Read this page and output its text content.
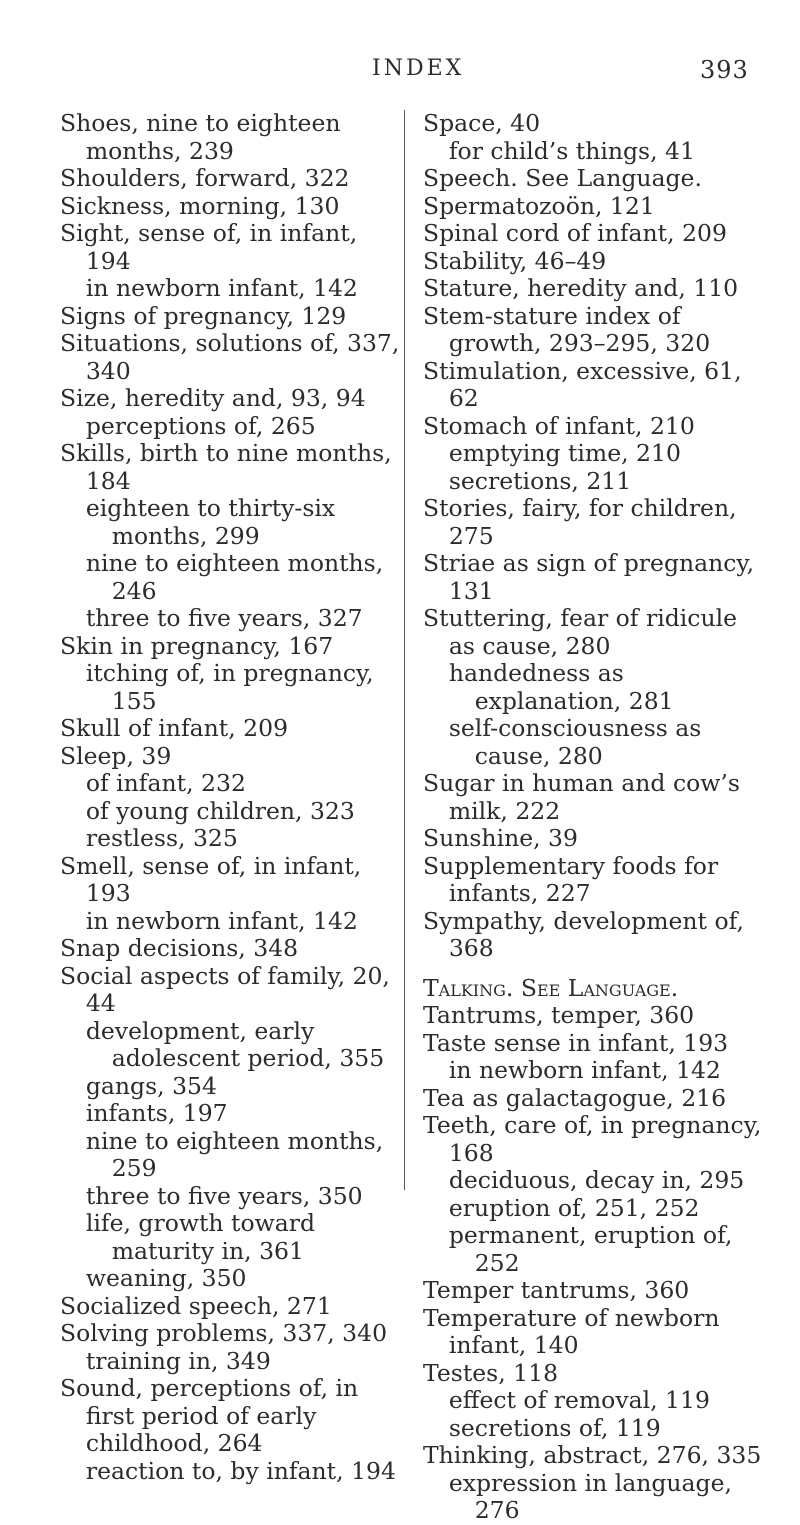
INDEX	393

Shoes, nine to eighteen months, 239

Shoulders, forward, 322

Sickness, morning, 130

Sight, sense of, in infant, 194

in newborn infant, 142

Signs of pregnancy, 129

Situations, solutions of, 337, 340

Size, heredity and, 93, 94

perceptions of, 265

Skills, birth to nine months, 184

eighteen to thirty-six months, 299

nine to eighteen months, 246

three to five years, 327

Skin in pregnancy, 167

itching of, in pregnancy, 155

Skull of infant, 209

Sleep, 39

of infant, 232

of young children, 323

restless, 325

Smell, sense of, in infant, 193

in newborn infant, 142

Snap decisions, 348

Social aspects of family, 20, 44

development, early adolescent period, 355

gangs, 354

infants, 197

nine to eighteen months, 259

three to five years, 350

life, growth toward maturity in, 361

weaning, 350

Socialized speech, 271

Solving problems, 337, 340

training in, 349

Sound, perceptions of, in first period of early childhood, 264

reaction to, by infant, 194

Space, 40

for child’s things, 41

Speech. See Language.

Spermatozoön, 121

Spinal cord of infant, 209

Stability, 46–49

Stature, heredity and, 110

Stem-stature index of growth, 293–295, 320

Stimulation, excessive, 61, 62

Stomach of infant, 210

emptying time, 210

secretions, 211

Stories, fairy, for children, 275

Striae as sign of pregnancy, 131

Stuttering, fear of ridicule as cause, 280

handedness as explanation, 281

self-consciousness as cause, 280

Sugar in human and cow’s milk, 222

Sunshine, 39

Supplementary foods for infants, 227

Sympathy, development of, 368

Talking. See Language.

Tantrums, temper, 360

Taste sense in infant, 193

in newborn infant, 142

Tea as galactagogue, 216

Teeth, care of, in pregnancy, 168

deciduous, decay in, 295

eruption of, 251, 252

permanent, eruption of, 252

Temper tantrums, 360

Temperature of newborn infant, 140

Testes, 118

effect of removal, 119

secretions of, 119

Thinking, abstract, 276, 335

expression in language, 276
